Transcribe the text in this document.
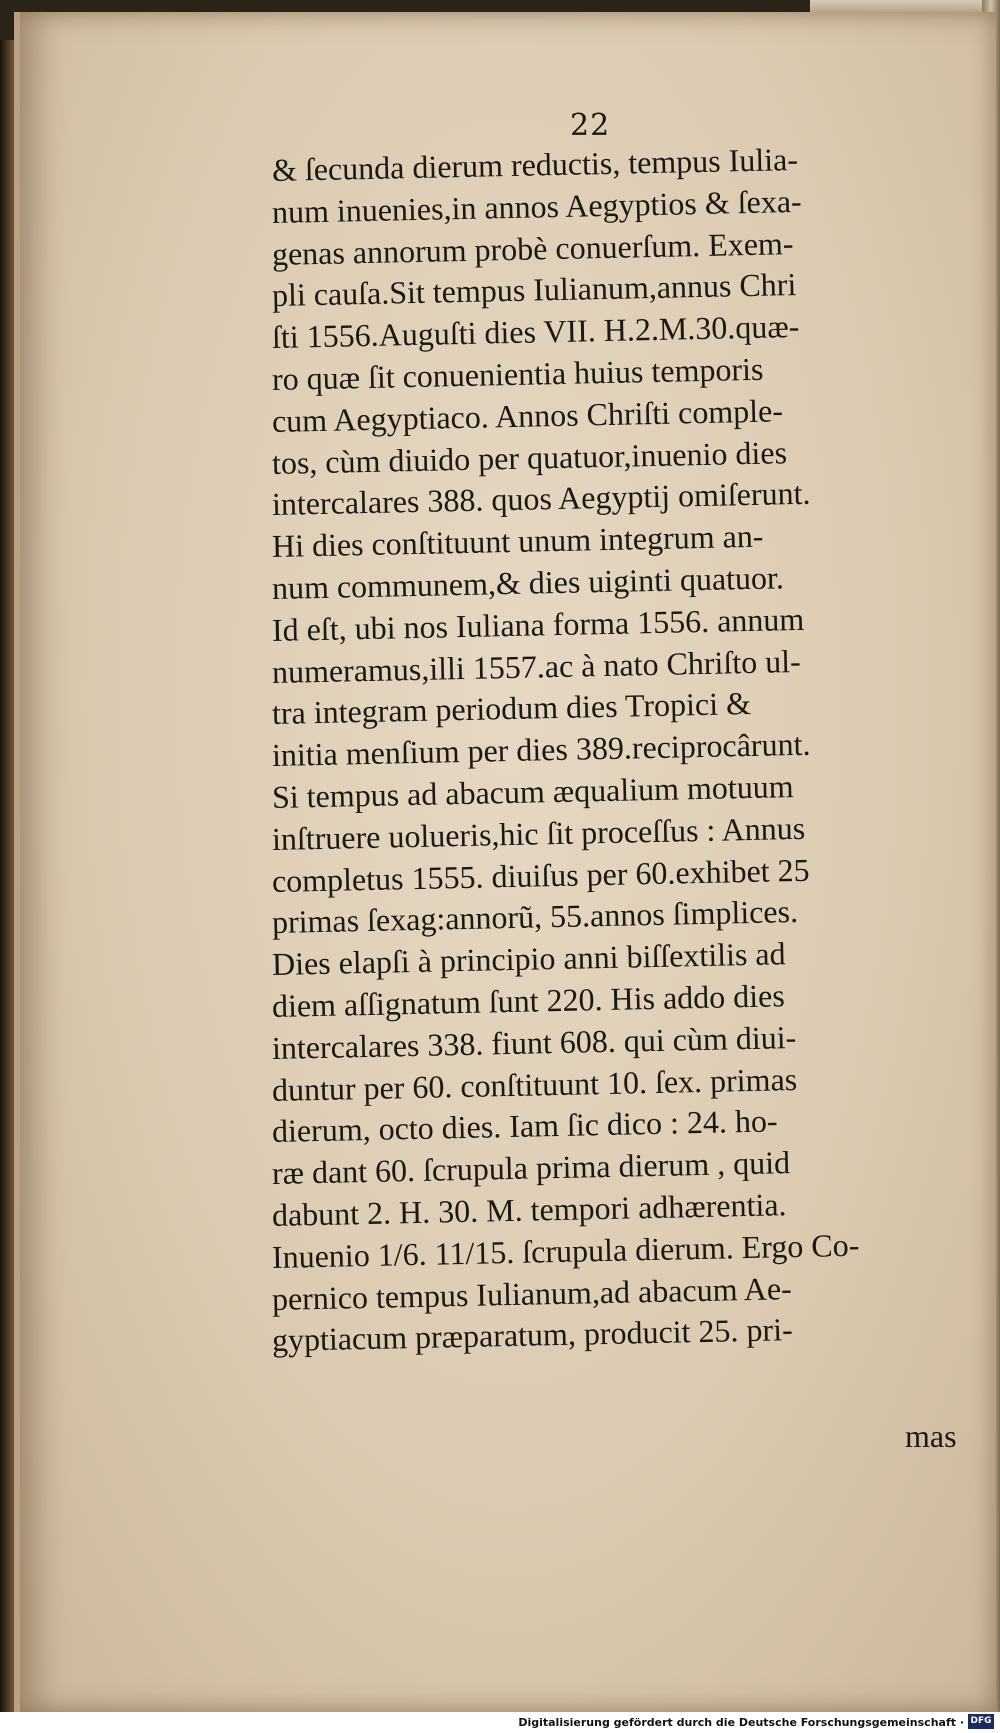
22
& ſecunda dierum reductis, tempus Iulia-
num inuenies,in annos Aegyptios & ſexa-
genas annorum probè conuerſum. Exem-
pli cauſa.Sit tempus Iulianum,annus Chri
ſti 1556.Auguſti dies VII. H.2.M.30.quæ-
ro quæ ſit conuenientia huius temporis
cum Aegyptiaco. Annos Chriſti comple-
tos, cùm diuido per quatuor,inuenio dies
intercalares 388. quos Aegyptij omiſerunt.
Hi dies conſtituunt unum integrum an-
num communem,& dies uiginti quatuor.
Id eſt, ubi nos Iuliana forma 1556. annum
numeramus,illi 1557.ac à nato Chriſto ul-
tra integram periodum dies Tropici &
initia menſium per dies 389.reciprocârunt.
Si tempus ad abacum æqualium motuum
inſtruere uolueris,hic ſit proceſſus : Annus
completus 1555. diuiſus per 60.exhibet 25
primas ſexag:annorũ, 55.annos ſimplices.
Dies elapſi à principio anni biſſextilis ad
diem aſſignatum ſunt 220. His addo dies
intercalares 338. fiunt 608. qui cùm diui-
duntur per 60. conſtituunt 10. ſex. primas
dierum, octo dies. Iam ſic dico : 24. ho-
ræ dant 60. ſcrupula prima dierum , quid
dabunt 2. H. 30. M. tempori adhærentia.
Inuenio 1/6. 11/15. ſcrupula dierum. Ergo Co-
pernico tempus Iulianum,ad abacum Ae-
gyptiacum præparatum, producit 25. pri-
mas
Digitalisierung gefördert durch die Deutsche Forschungsgemeinschaft · DFG
